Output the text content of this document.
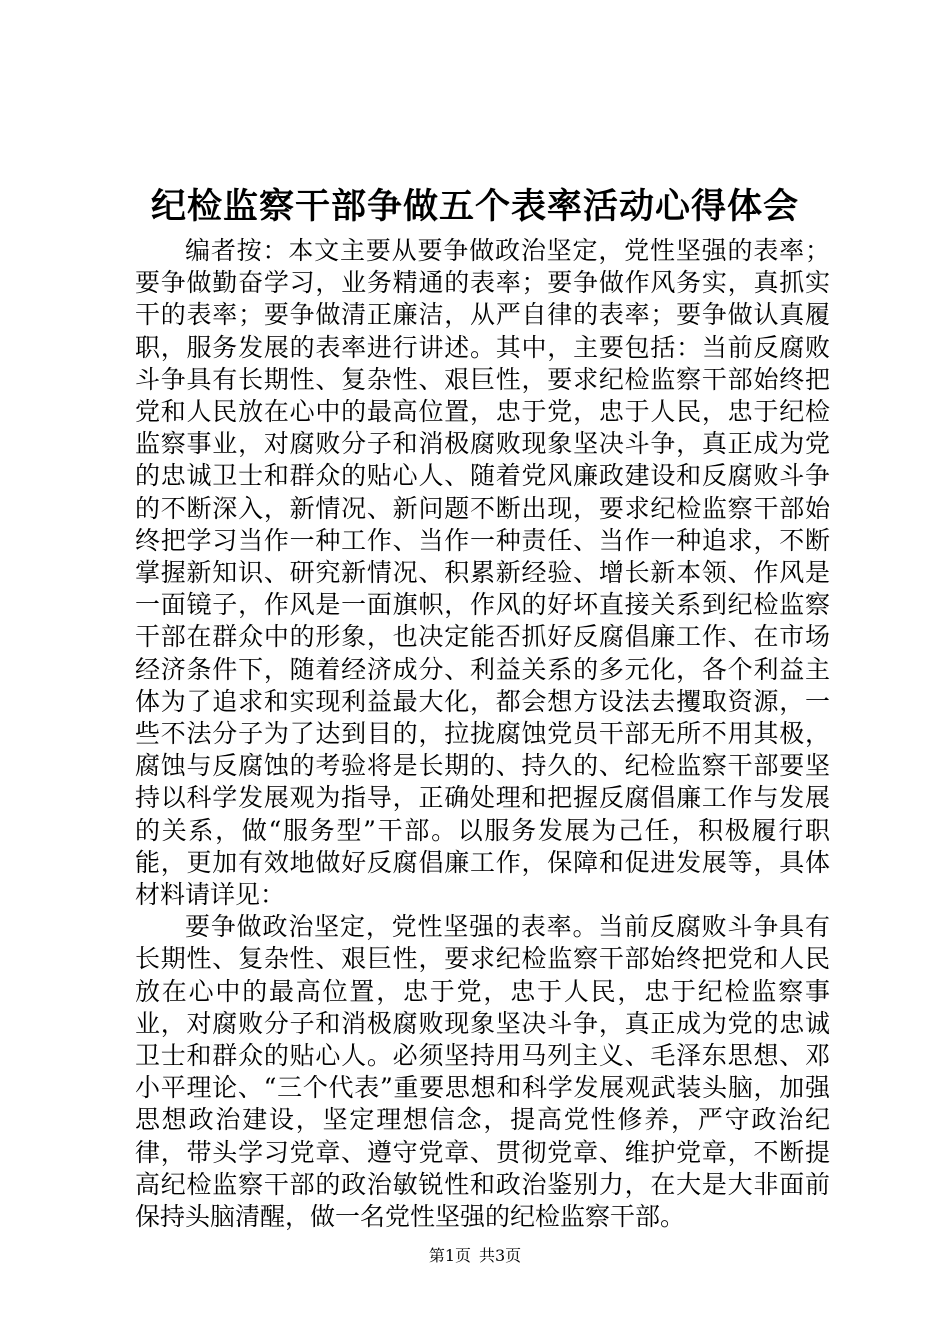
纪检监察干部争做五个表率活动心得体会

编者按：本文主要从要争做政治坚定，党性坚强的表率；要争做勤奋学习，业务精通的表率；要争做作风务实，真抓实干的表率；要争做清正廉洁，从严自律的表率；要争做认真履职，服务发展的表率进行讲述。其中，主要包括：当前反腐败斗争具有长期性、复杂性、艰巨性，要求纪检监察干部始终把党和人民放在心中的最高位置，忠于党，忠于人民，忠于纪检监察事业，对腐败分子和消极腐败现象坚决斗争，真正成为党的忠诚卫士和群众的贴心人、随着党风廉政建设和反腐败斗争的不断深入，新情况、新问题不断出现，要求纪检监察干部始终把学习当作一种工作、当作一种责任、当作一种追求，不断掌握新知识、研究新情况、积累新经验、增长新本领、作风是一面镜子，作风是一面旗帜，作风的好坏直接关系到纪检监察干部在群众中的形象，也决定能否抓好反腐倡廉工作、在市场经济条件下，随着经济成分、利益关系的多元化，各个利益主体为了追求和实现利益最大化，都会想方设法去攫取资源，一些不法分子为了达到目的，拉拢腐蚀党员干部无所不用其极，腐蚀与反腐蚀的考验将是长期的、持久的、纪检监察干部要坚持以科学发展观为指导，正确处理和把握反腐倡廉工作与发展的关系，做“服务型”干部。以服务发展为己任，积极履行职能，更加有效地做好反腐倡廉工作，保障和促进发展等，具体材料请详见：

要争做政治坚定，党性坚强的表率。当前反腐败斗争具有长期性、复杂性、艰巨性，要求纪检监察干部始终把党和人民放在心中的最高位置，忠于党，忠于人民，忠于纪检监察事业，对腐败分子和消极腐败现象坚决斗争，真正成为党的忠诚卫士和群众的贴心人。必须坚持用马列主义、毛泽东思想、邓小平理论、“三个代表”重要思想和科学发展观武装头脑，加强思想政治建设，坚定理想信念，提高党性修养，严守政治纪律，带头学习党章、遵守党章、贯彻党章、维护党章，不断提高纪检监察干部的政治敏锐性和政治鉴别力，在大是大非面前保持头脑清醒，做一名党性坚强的纪检监察干部。

第1页 共3页
